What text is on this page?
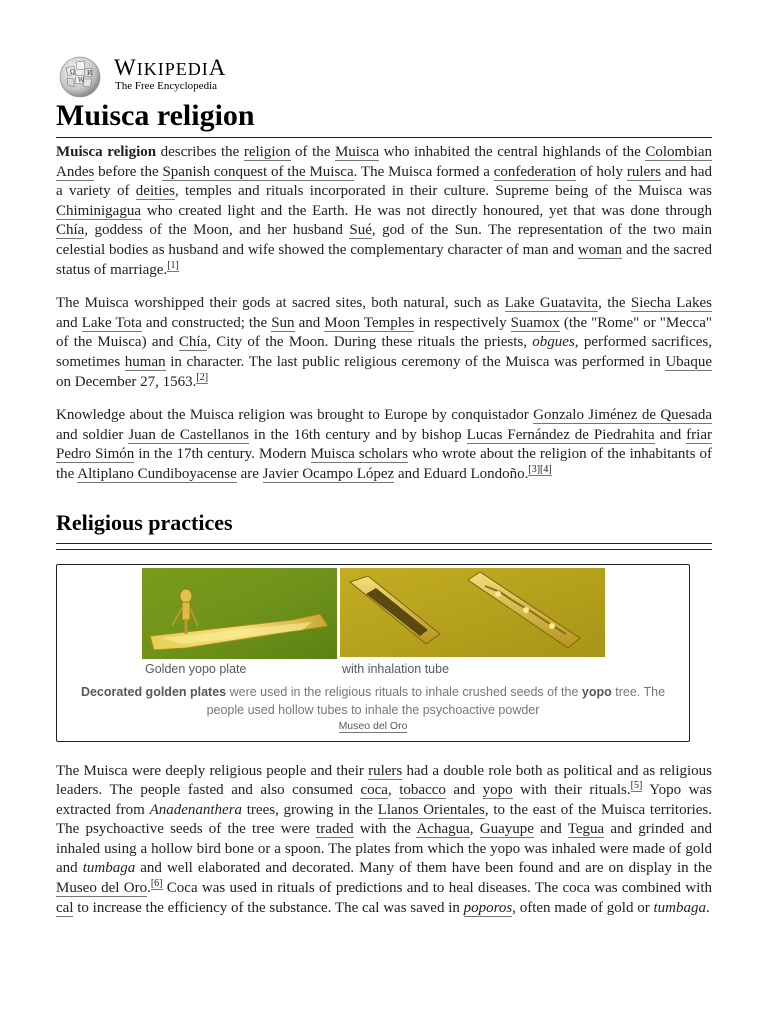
Ω И
W
WIKIPEDIA
The Free Encyclopedia
Muisca religion

Muisca religion describes the religion of the Muisca who inhabited the central highlands of the Colombian Andes before the Spanish conquest of the Muisca. The Muisca formed a confederation of holy rulers and had a variety of deities, temples and rituals incorporated in their culture. Supreme being of the Muisca was Chiminigagua who created light and the Earth. He was not directly honoured, yet that was done through Chía, goddess of the Moon, and her husband Sué, god of the Sun. The representation of the two main celestial bodies as husband and wife showed the complementary character of man and woman and the sacred status of marriage.[1]

The Muisca worshipped their gods at sacred sites, both natural, such as Lake Guatavita, the Siecha Lakes and Lake Tota and constructed; the Sun and Moon Temples in respectively Suamox (the "Rome" or "Mecca" of the Muisca) and Chía, City of the Moon. During these rituals the priests, obgues, performed sacrifices, sometimes human in character. The last public religious ceremony of the Muisca was performed in Ubaque on December 27, 1563.[2]

Knowledge about the Muisca religion was brought to Europe by conquistador Gonzalo Jiménez de Quesada and soldier Juan de Castellanos in the 16th century and by bishop Lucas Fernández de Piedrahita and friar Pedro Simón in the 17th century. Modern Muisca scholars who wrote about the religion of the inhabitants of the Altiplano Cundiboyacense are Javier Ocampo López and Eduard Londoño.[3][4]

Religious practices
Golden yopo plate	with inhalation tube
Decorated golden plates were used in the religious rituals to inhale crushed seeds of the yopo tree. The people used hollow tubes to inhale the psychoactive powder
Museo del Oro

The Muisca were deeply religious people and their rulers had a double role both as political and as religious leaders. The people fasted and also consumed coca, tobacco and yopo with their rituals.[5] Yopo was extracted from Anadenanthera trees, growing in the Llanos Orientales, to the east of the Muisca territories. The psychoactive seeds of the tree were traded with the Achagua, Guayupe and Tegua and grinded and inhaled using a hollow bird bone or a spoon. The plates from which the yopo was inhaled were made of gold and tumbaga and well elaborated and decorated. Many of them have been found and are on display in the Museo del Oro.[6] Coca was used in rituals of predictions and to heal diseases. The coca was combined with cal to increase the efficiency of the substance. The cal was saved in poporos, often made of gold or tumbaga.
